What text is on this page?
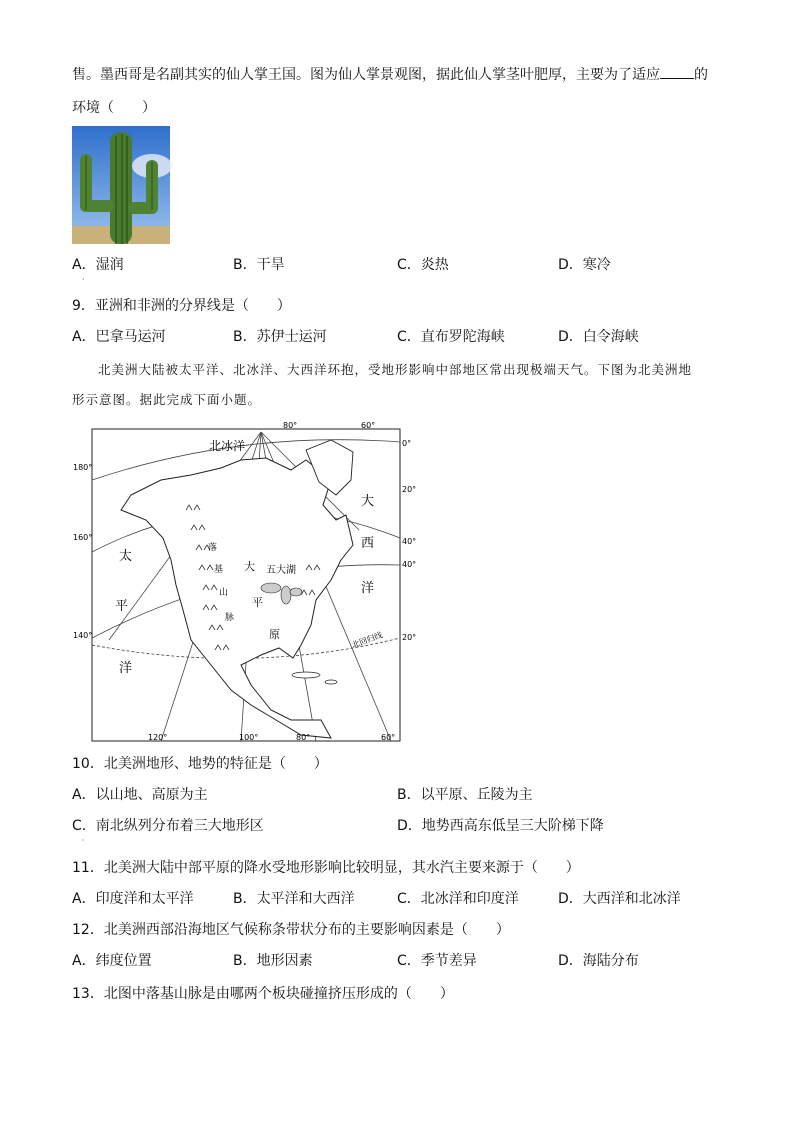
售。墨西哥是名副其实的仙人掌王国。图为仙人掌景观图，据此仙人掌茎叶肥厚，主要为了适应 的
环境（　　）
A．湿润	B．干旱	C．炎热	D．寒冷
·
9．亚洲和非洲的分界线是（　　）
A．巴拿马运河	B．苏伊士运河	C．直布罗陀海峡	D．白令海峡
北美洲大陆被太平洋、北冰洋、大西洋环抱，受地形影响中部地区常出现极端天气。下图为北美洲地
形示意图。据此完成下面小题。
北冰洋
大
西
洋
太
平
洋
五大湖
大
平
原
落
基
山
脉
北回归线
80°	60°
180°
160°
140°
0°
20°
40°
40°
20°
120°	100°	80°	60°
10．北美洲地形、地势的特征是（　　）
A．以山地、高原为主	B．以平原、丘陵为主
C．南北纵列分布着三大地形区	D．地势西高东低呈三大阶梯下降
·
11．北美洲大陆中部平原的降水受地形影响比较明显，其水汽主要来源于（　　）
A．印度洋和太平洋	B．太平洋和大西洋	C．北冰洋和印度洋	D．大西洋和北冰洋
12．北美洲西部沿海地区气候称条带状分布的主要影响因素是（　　）
A．纬度位置	B．地形因素	C．季节差异	D．海陆分布
13．北图中落基山脉是由哪两个板块碰撞挤压形成的（　　）
